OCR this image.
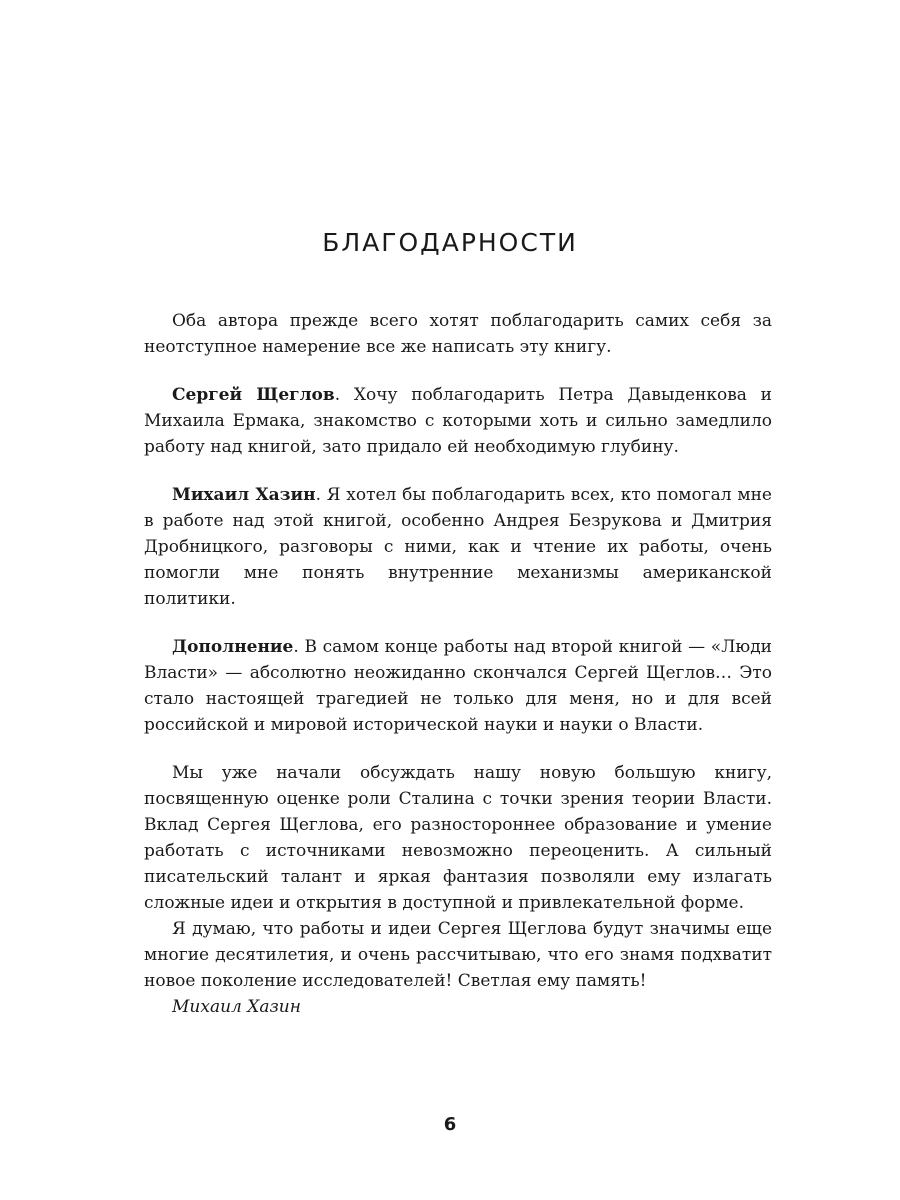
БЛАГОДАРНОСТИ

Оба автора прежде всего хотят поблагодарить самих себя за неотступное намерение все же написать эту книгу.

Сергей Щеглов. Хочу поблагодарить Петра Давыденкова и Михаила Ермака, знакомство с которыми хоть и сильно замедлило работу над книгой, зато придало ей необходимую глубину.

Михаил Хазин. Я хотел бы поблагодарить всех, кто помогал мне в работе над этой книгой, особенно Андрея Безрукова и Дмитрия Дробницкого, разговоры с ними, как и чтение их работы, очень помогли мне понять внутренние механизмы американской политики.

Дополнение. В самом конце работы над второй книгой — «Люди Власти» — абсолютно неожиданно скончался Сергей Щеглов… Это стало настоящей трагедией не только для меня, но и для всей российской и мировой исторической науки и науки о Власти.

Мы уже начали обсуждать нашу новую большую книгу, посвященную оценке роли Сталина с точки зрения теории Власти. Вклад Сергея Щеглова, его разностороннее образование и умение работать с источниками невозможно переоценить. А сильный писательский талант и яркая фантазия позволяли ему излагать сложные идеи и открытия в доступной и привлекательной форме.

Я думаю, что работы и идеи Сергея Щеглова будут значимы еще многие десятилетия, и очень рассчитываю, что его знамя подхватит новое поколение исследователей! Светлая ему память!

Михаил Хазин

6
